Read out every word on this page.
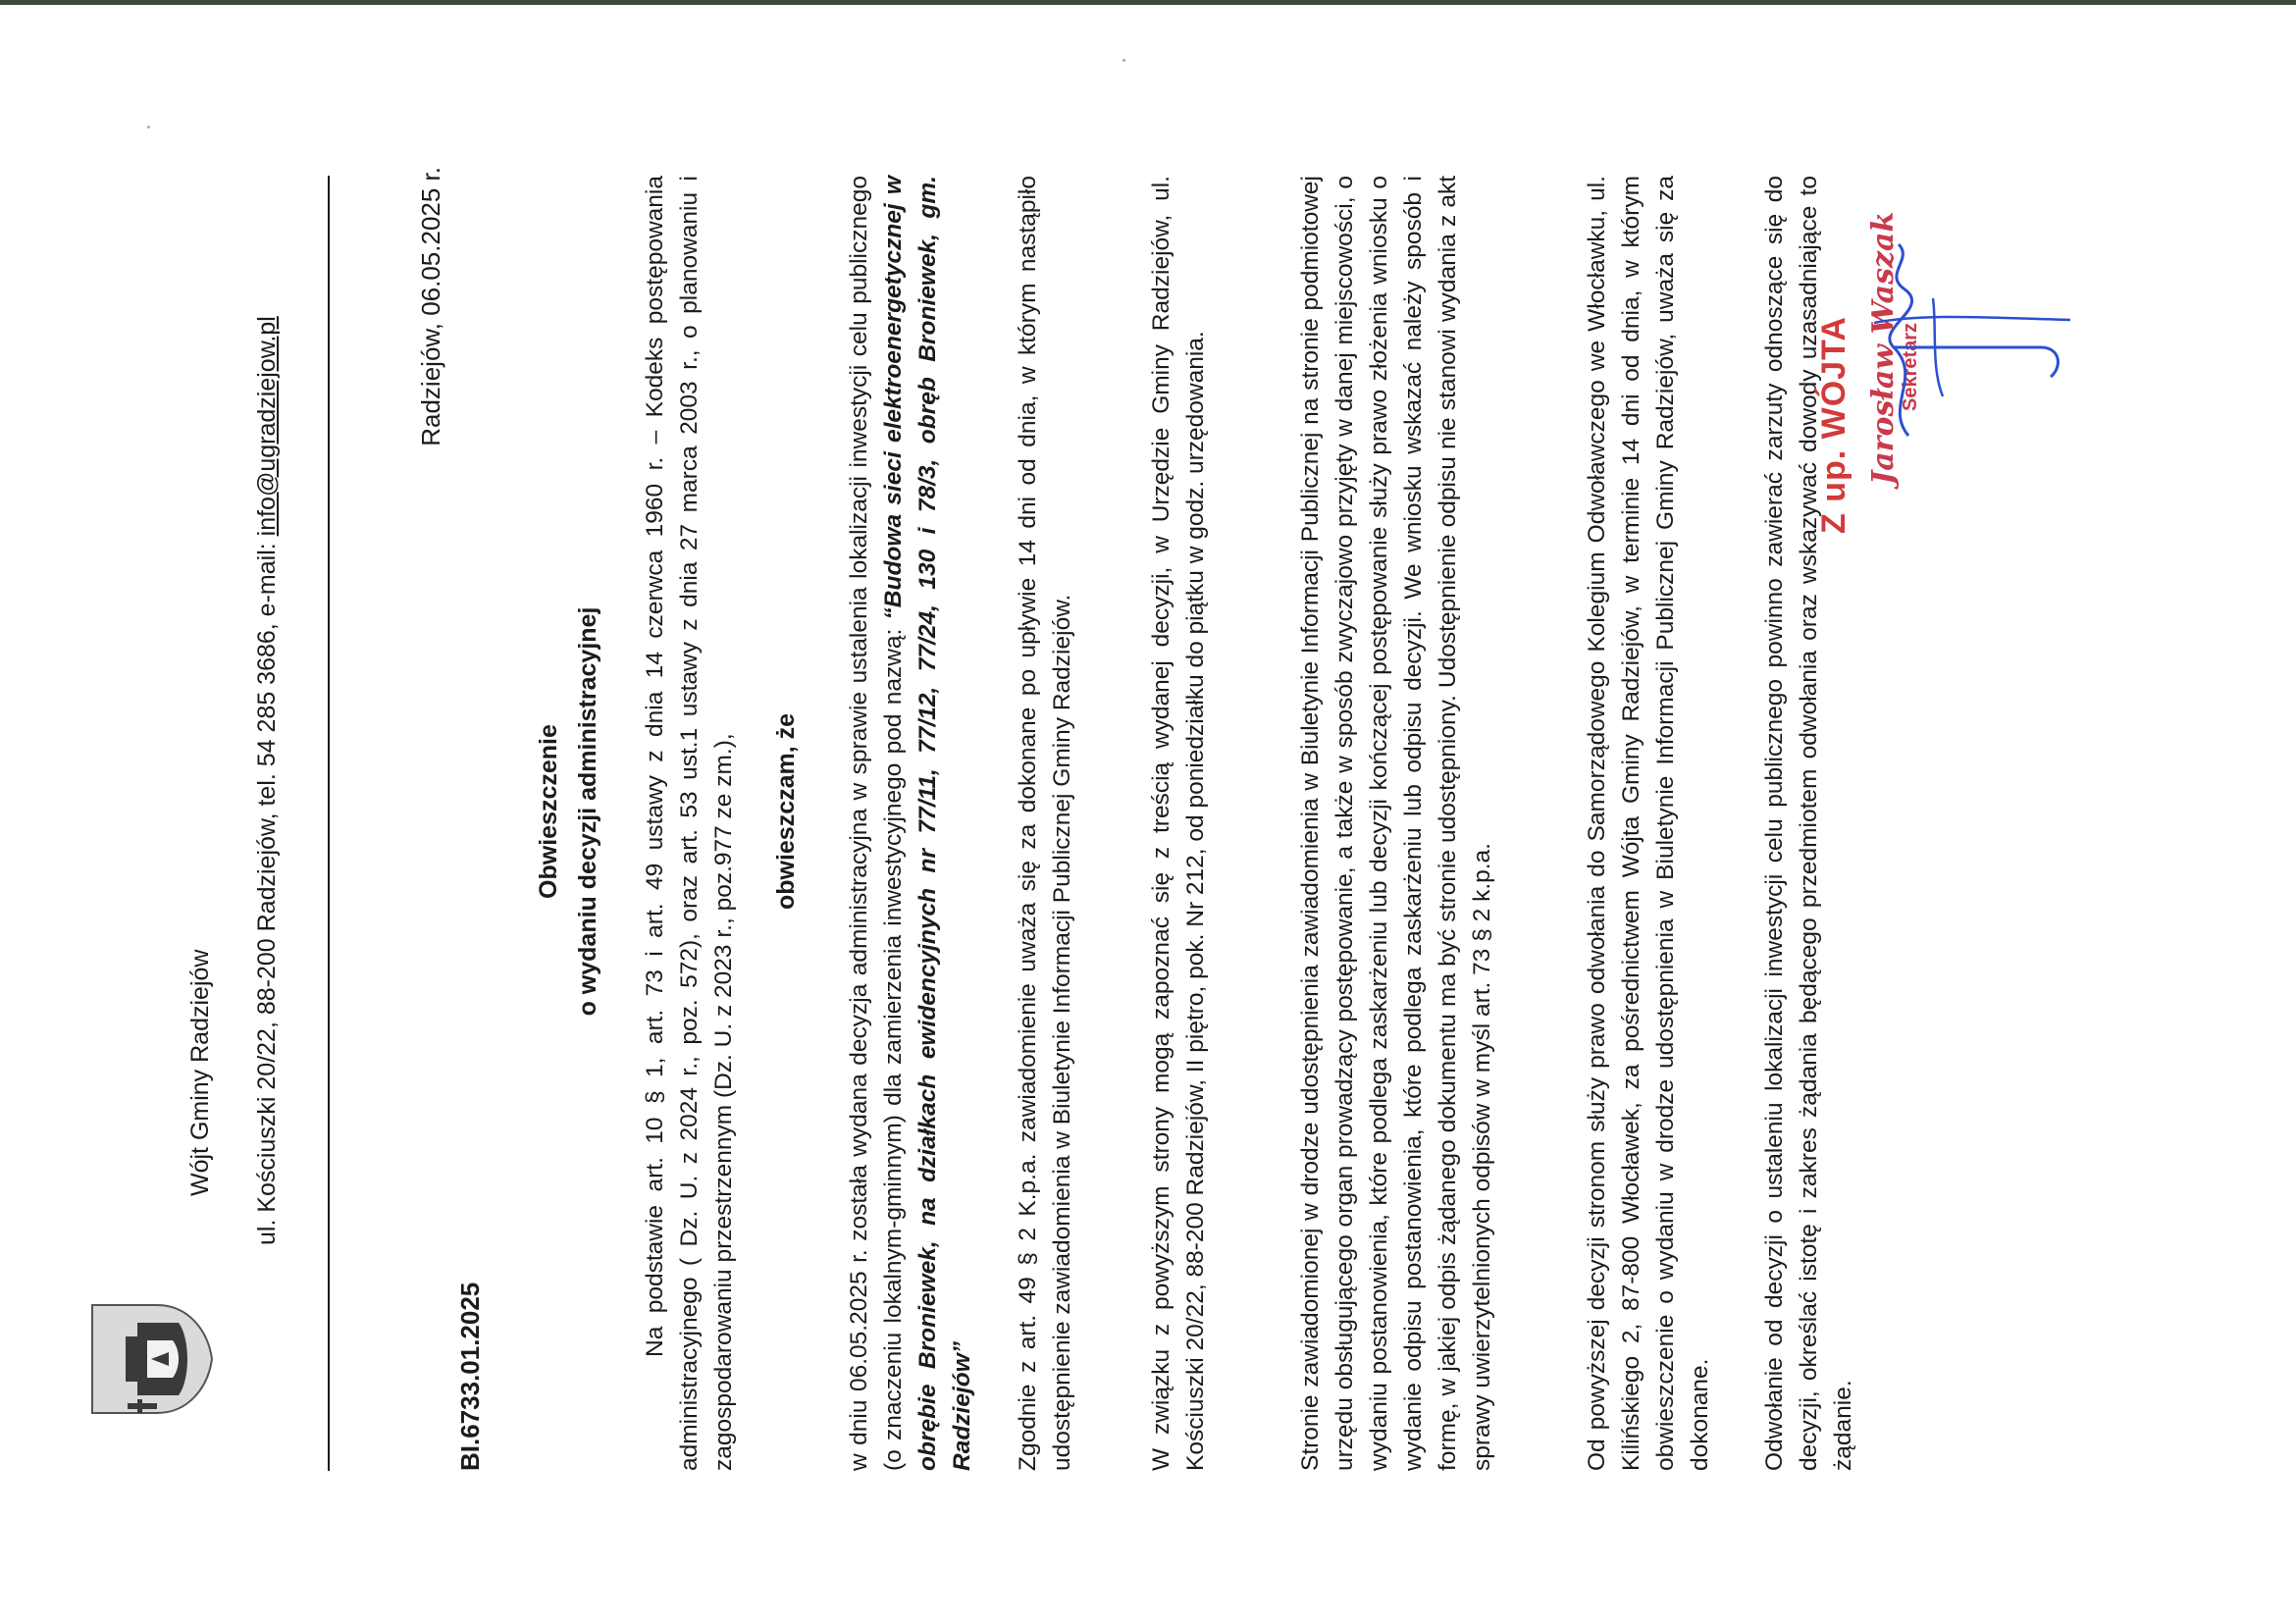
Wójt Gminy Radziejów ul. Kościuszki 20/22, 88-200 Radziejów, tel. 54 285 3686, e-mail: info@ugradziejow.pl	Radziejów, 06.05.2025 r.
BI.6733.01.2025
Obwieszczenie o wydaniu decyzji administracyjnej Na podstawie art. 10 § 1, art. 73 i art. 49 ustawy z dnia 14 czerwca 1960 r. – Kodeks postępowania administracyjnego ( Dz. U. z 2024 r., poz. 572), oraz art. 53 ust.1 ustawy z dnia 27 marca 2003 r., o planowaniu i zagospodarowaniu przestrzennym (Dz. U. z 2023 r., poz.977 ze zm.), obwieszczam, że w dniu 06.05.2025 r. została wydana decyzja administracyjna w sprawie ustalenia lokalizacji inwestycji celu publicznego (o znaczeniu lokalnym-gminnym) dla zamierzenia inwestycyjnego pod nazwą: “Budowa sieci elektroenergetycznej w obrębie Broniewek, na działkach ewidencyjnych nr 77/11, 77/12, 77/24, 130 i 78/3, obręb Broniewek, gm. Radziejów” Zgodnie z art. 49 § 2 K.p.a. zawiadomienie uważa się za dokonane po upływie 14 dni od dnia, w którym nastąpiło udostępnienie zawiadomienia w Biuletynie Informacji Publicznej Gminy Radziejów.	W związku z powyższym strony mogą zapoznać się z treścią wydanej decyzji, w Urzędzie Gminy Radziejów, ul. Kościuszki 20/22, 88-200 Radziejów, II piętro, pok. Nr 212, od poniedziałku do piątku w godz. urzędowania.	Stronie zawiadomionej w drodze udostępnienia zawiadomienia w Biuletynie Informacji Publicznej na stronie podmiotowej urzędu obsługującego organ prowadzący postępowanie, a także w sposób zwyczajowo przyjęty w danej miejscowości, o wydaniu postanowienia, które podlega zaskarżeniu lub decyzji kończącej postępowanie służy prawo złożenia wniosku o wydanie odpisu postanowienia, które podlega zaskarżeniu lub odpisu decyzji. We wniosku wskazać należy sposób i formę, w jakiej odpis żądanego dokumentu ma być stronie udostępniony. Udostępnienie odpisu nie stanowi wydania z akt sprawy uwierzytelnionych odpisów w myśl art. 73 § 2 k.p.a.	Od powyższej decyzji stronom służy prawo odwołania do Samorządowego Kolegium Odwoławczego we Włocławku, ul. Kilińskiego 2, 87-800 Włocławek, za pośrednictwem Wójta Gminy Radziejów, w terminie 14 dni od dnia, w którym obwieszczenie o wydaniu w drodze udostępnienia w Biuletynie Informacji Publicznej Gminy Radziejów, uważa się za dokonane. Odwołanie od decyzji o ustaleniu lokalizacji inwestycji celu publicznego powinno zawierać zarzuty odnoszące się do decyzji, określać istotę i zakres żądania będącego przedmiotem odwołania oraz wskazywać dowody uzasadniające to żądanie.

Z up. WÓJTA Jarosław Waszak Sekretarz
